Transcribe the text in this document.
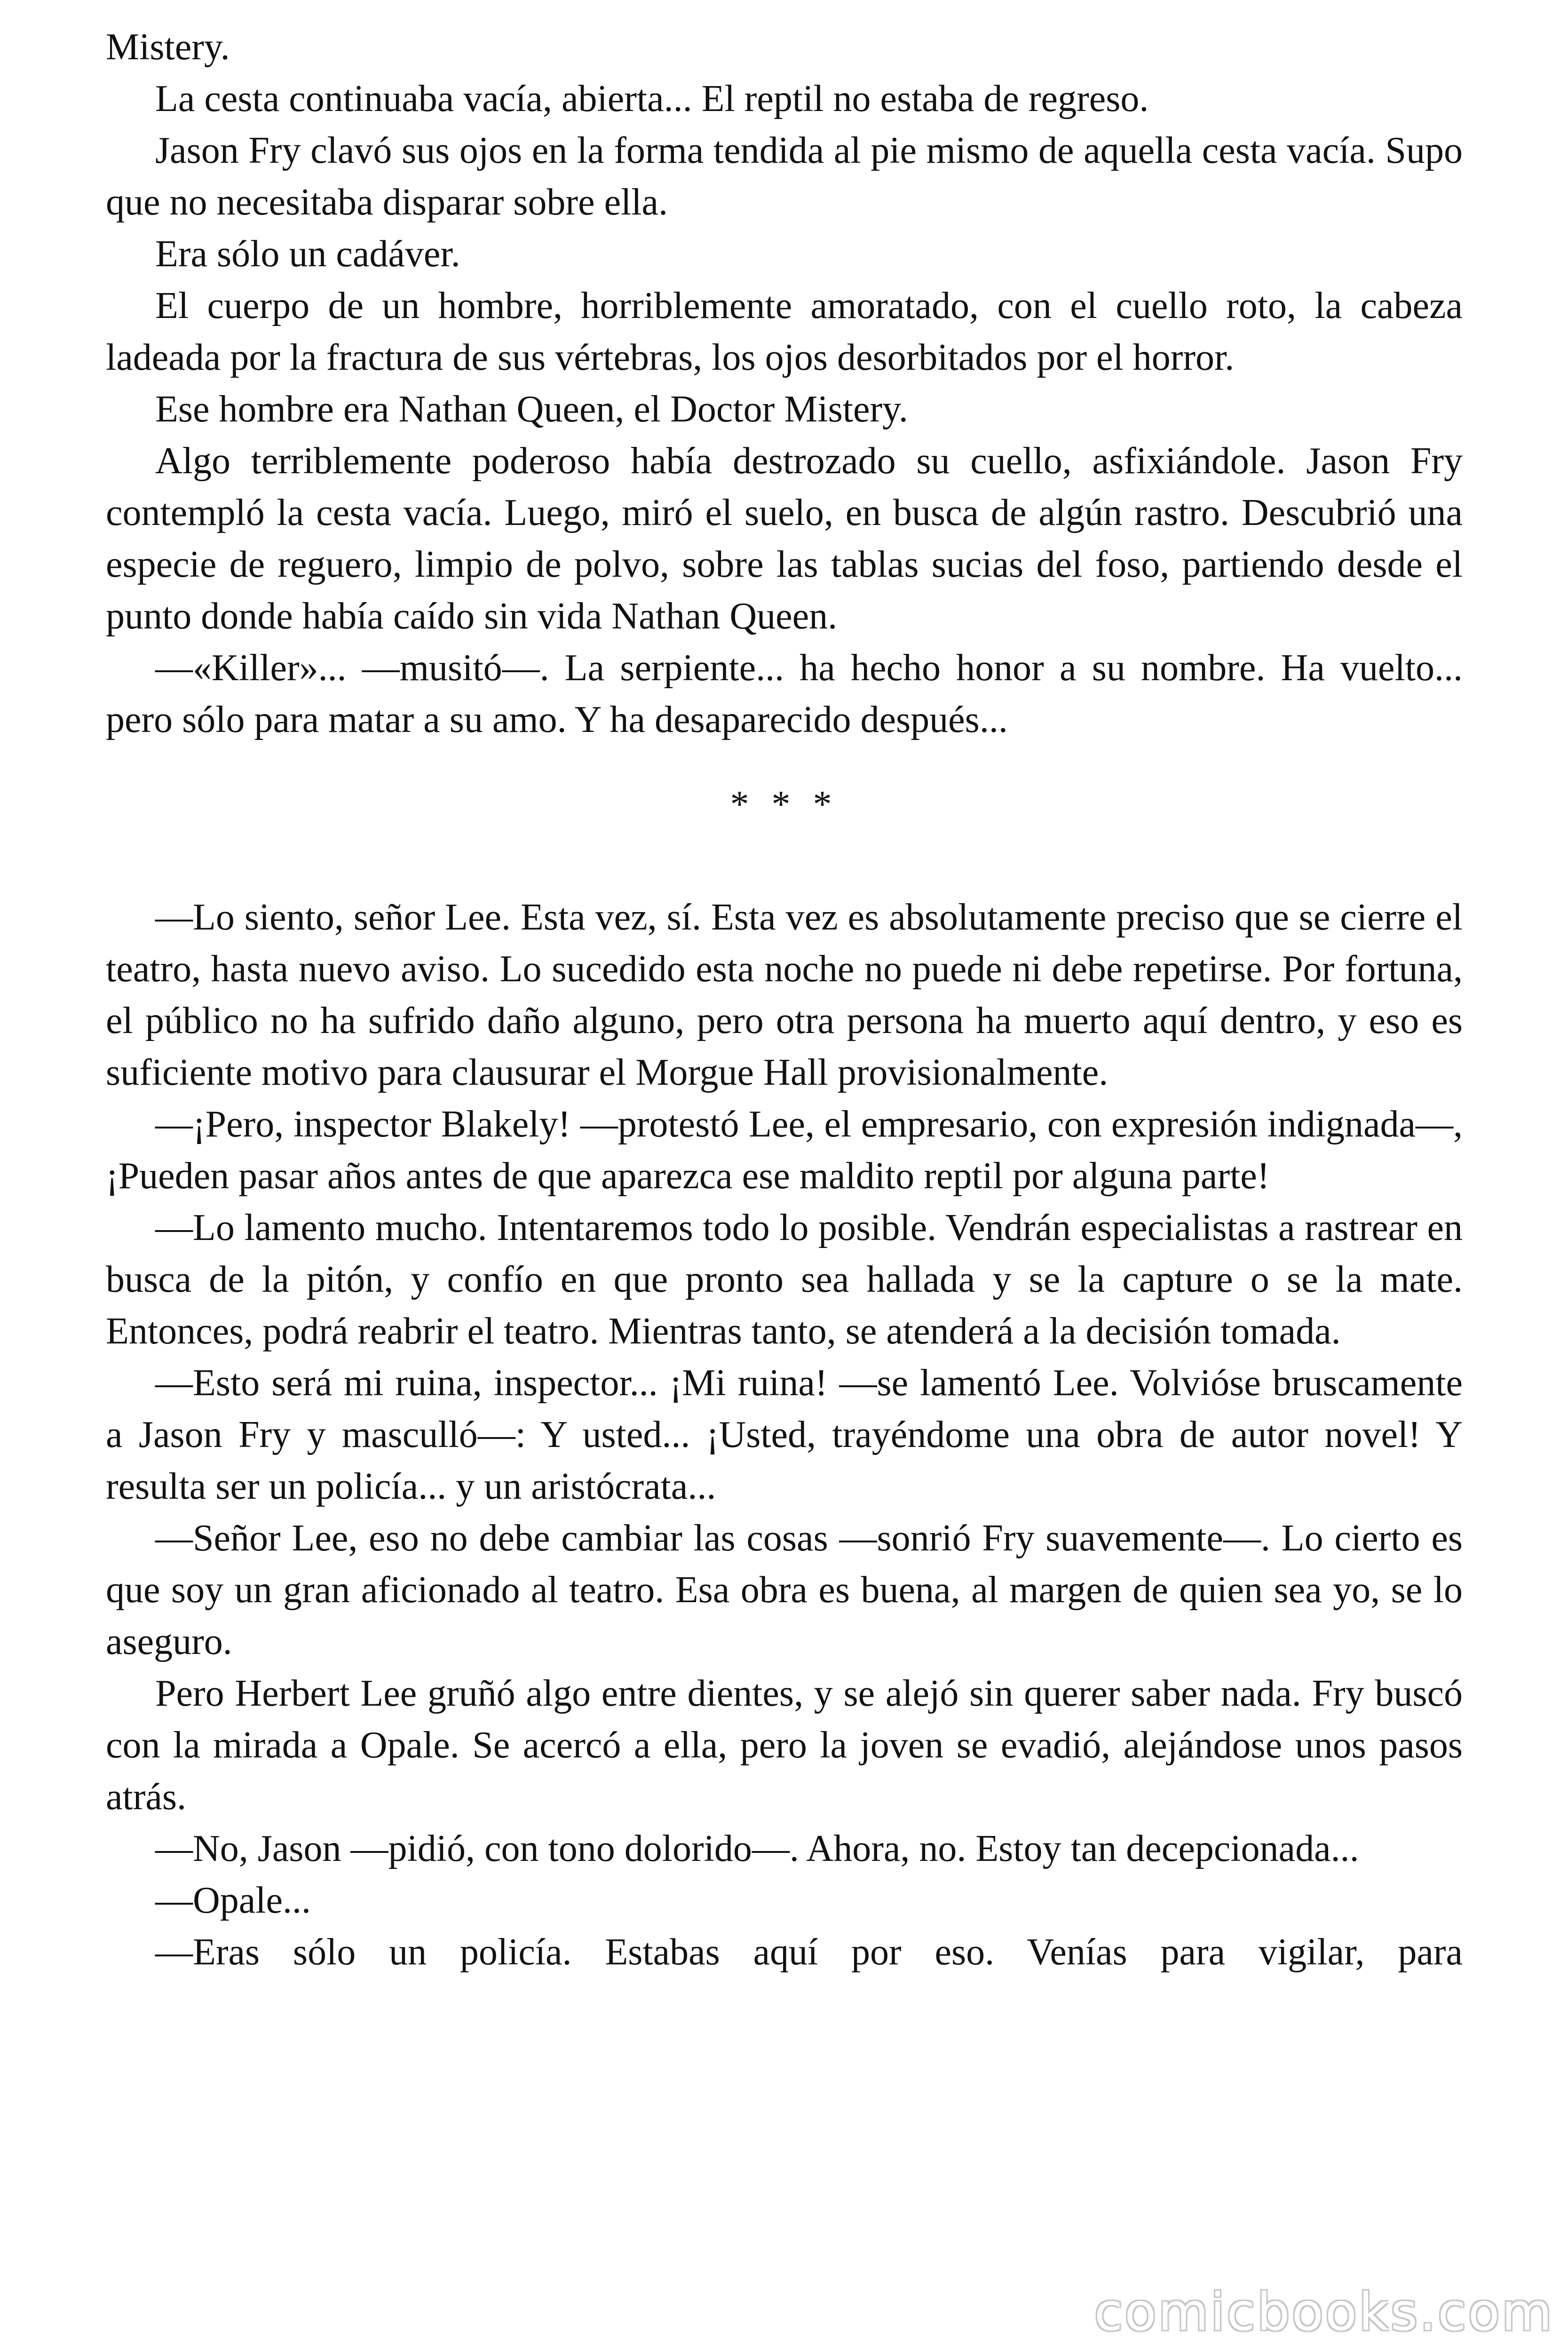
Mistery.

La cesta continuaba vacía, abierta... El reptil no estaba de regreso.

Jason Fry clavó sus ojos en la forma tendida al pie mismo de aquella cesta vacía. Supo que no necesitaba disparar sobre ella.

Era sólo un cadáver.

El cuerpo de un hombre, horriblemente amoratado, con el cuello roto, la cabeza ladeada por la fractura de sus vértebras, los ojos desorbitados por el horror.

Ese hombre era Nathan Queen, el Doctor Mistery.

Algo terriblemente poderoso había destrozado su cuello, asfixiándole. Jason Fry contempló la cesta vacía. Luego, miró el suelo, en busca de algún rastro. Descubrió una especie de reguero, limpio de polvo, sobre las tablas sucias del foso, partiendo desde el punto donde había caído sin vida Nathan Queen.

—«Killer»... —musitó—. La serpiente... ha hecho honor a su nombre. Ha vuelto... pero sólo para matar a su amo. Y ha desaparecido después...

* * *

—Lo siento, señor Lee. Esta vez, sí. Esta vez es absolutamente preciso que se cierre el teatro, hasta nuevo aviso. Lo sucedido esta noche no puede ni debe repetirse. Por fortuna, el público no ha sufrido daño alguno, pero otra persona ha muerto aquí dentro, y eso es suficiente motivo para clausurar el Morgue Hall provisionalmente.

—¡Pero, inspector Blakely! —protestó Lee, el empresario, con expresión indignada—, ¡Pueden pasar años antes de que aparezca ese maldito reptil por alguna parte!

—Lo lamento mucho. Intentaremos todo lo posible. Vendrán especialistas a rastrear en busca de la pitón, y confío en que pronto sea hallada y se la capture o se la mate. Entonces, podrá reabrir el teatro. Mientras tanto, se atenderá a la decisión tomada.

—Esto será mi ruina, inspector... ¡Mi ruina! —se lamentó Lee. Volvióse bruscamente a Jason Fry y masculló—: Y usted... ¡Usted, trayéndome una obra de autor novel! Y resulta ser un policía... y un aristócrata...

—Señor Lee, eso no debe cambiar las cosas —sonrió Fry suavemente—. Lo cierto es que soy un gran aficionado al teatro. Esa obra es buena, al margen de quien sea yo, se lo aseguro.

Pero Herbert Lee gruñó algo entre dientes, y se alejó sin querer saber nada. Fry buscó con la mirada a Opale. Se acercó a ella, pero la joven se evadió, alejándose unos pasos atrás.

—No, Jason —pidió, con tono dolorido—. Ahora, no. Estoy tan decepcionada...

—Opale...

—Eras sólo un policía. Estabas aquí por eso. Venías para vigilar, para

comicbooks.com
